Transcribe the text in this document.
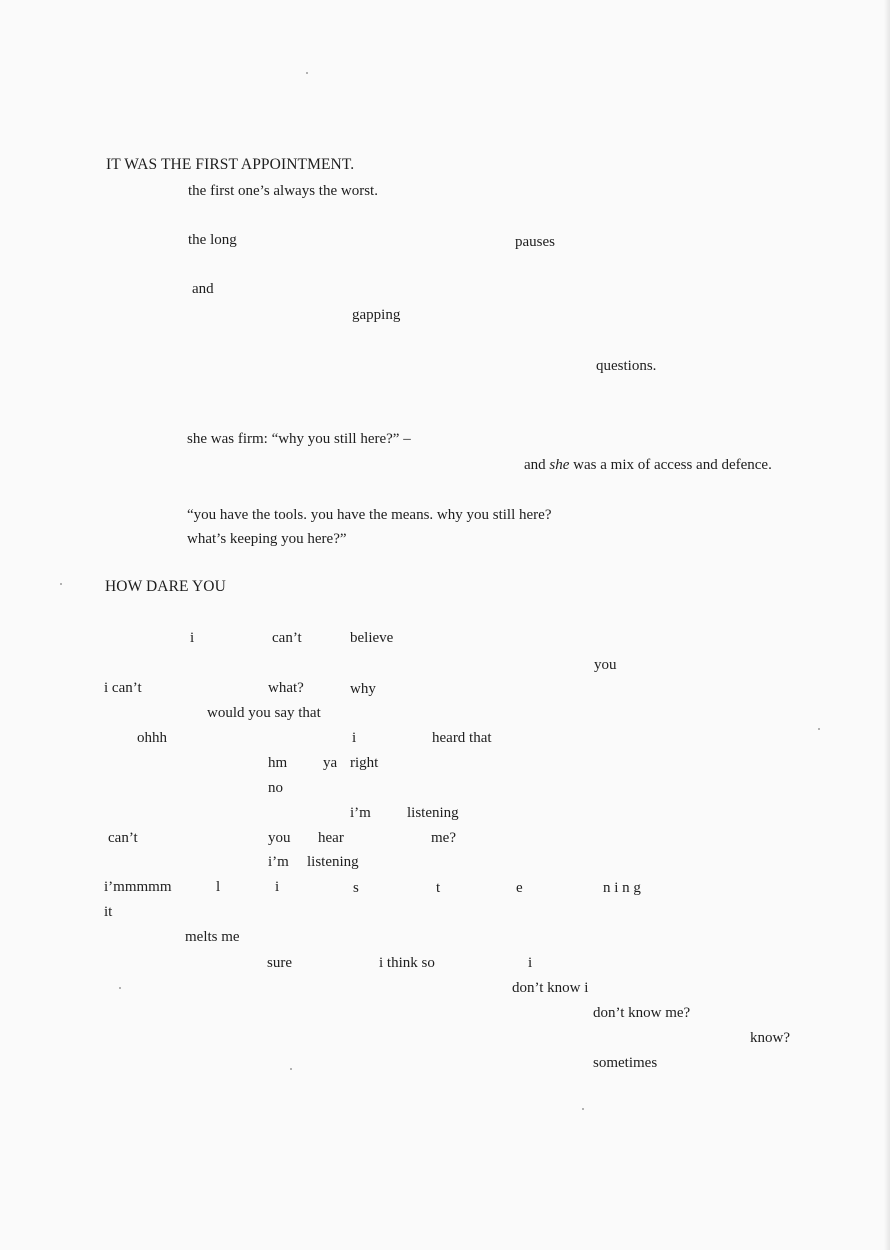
IT WAS THE FIRST APPOINTMENT.
the first one’s always the worst.
the long	pauses
and
gapping
questions.
she was firm: “why you still here?” –
and she was a mix of access and defence.
“you have the tools. you have the means. why you still here?
what’s keeping you here?”
HOW DARE YOU
i	can’t	believe
you
i can’t	what?	why
would you say that
ohhh	i	heard that
hm ya right
no
i’m listening
can’t	you hear	me?
i’m listening
i’mmmmm	l	i	s	t	e	n i n g
it
melts me
sure	i think so	i
don’t know i
don’t know me?
know?
sometimes
